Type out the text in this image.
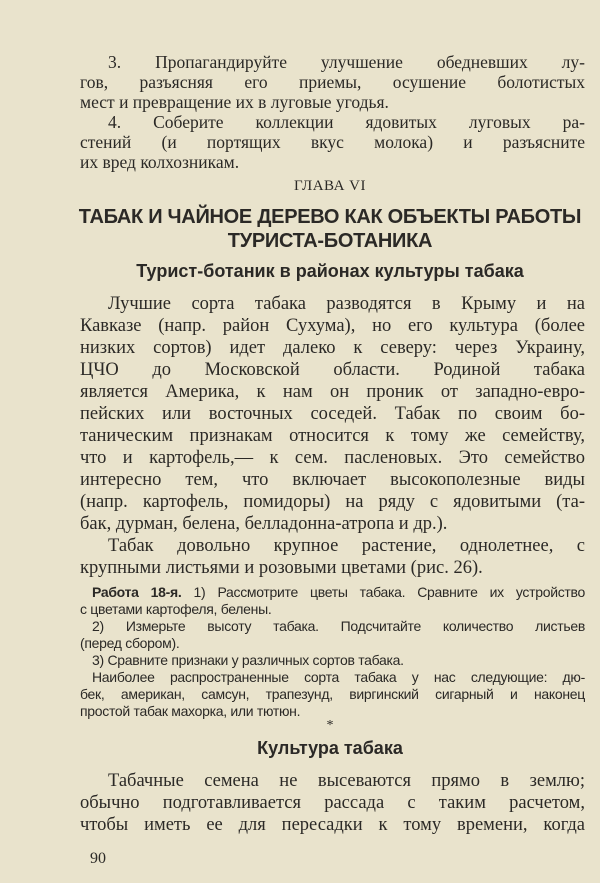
3. Пропагандируйте улучшение обедневших лу-
гов, разъясняя его приемы, осушение болотистых
мест и превращение их в луговые угодья.
4. Соберите коллекции ядовитых луговых ра-
стений (и портящих вкус молока) и разъясните
их вред колхозникам.
ГЛАВА VI
ТАБАК И ЧАЙНОЕ ДЕРЕВО КАК ОБЪЕКТЫ РАБОТЫ
ТУРИСТА-БОТАНИКА
Турист-ботаник в районах культуры табака
Лучшие сорта табака разводятся в Крыму и на
Кавказе (напр. район Сухума), но его культура (более
низких сортов) идет далеко к северу: через Украину,
ЦЧО до Московской области. Родиной табака
является Америка, к нам он проник от западно-евро-
пейских или восточных соседей. Табак по своим бо-
таническим признакам относится к тому же семейству,
что и картофель,— к сем. пасленовых. Это семейство
интересно тем, что включает высокополезные виды
(напр. картофель, помидоры) на ряду с ядовитыми (та-
бак, дурман, белена, белладонна-атропа и др.).
Табак довольно крупное растение, однолетнее, с
крупными листьями и розовыми цветами (рис. 26).
Работа 18-я. 1) Рассмотрите цветы табака. Сравните их устройство
с цветами картофеля, белены.
2) Измерьте высоту табака. Подсчитайте количество листьев
(перед сбором).
3) Сравните признаки у различных сортов табака.
Наиболее распространенные сорта табака у нас следующие: дю-
бек, американ, самсун, трапезунд, виргинский сигарный и наконец
простой табак махорка, или тютюн.
*
Культура табака
Табачные семена не высеваются прямо в землю;
обычно подготавливается рассада с таким расчетом,
чтобы иметь ее для пересадки к тому времени, когда
90
